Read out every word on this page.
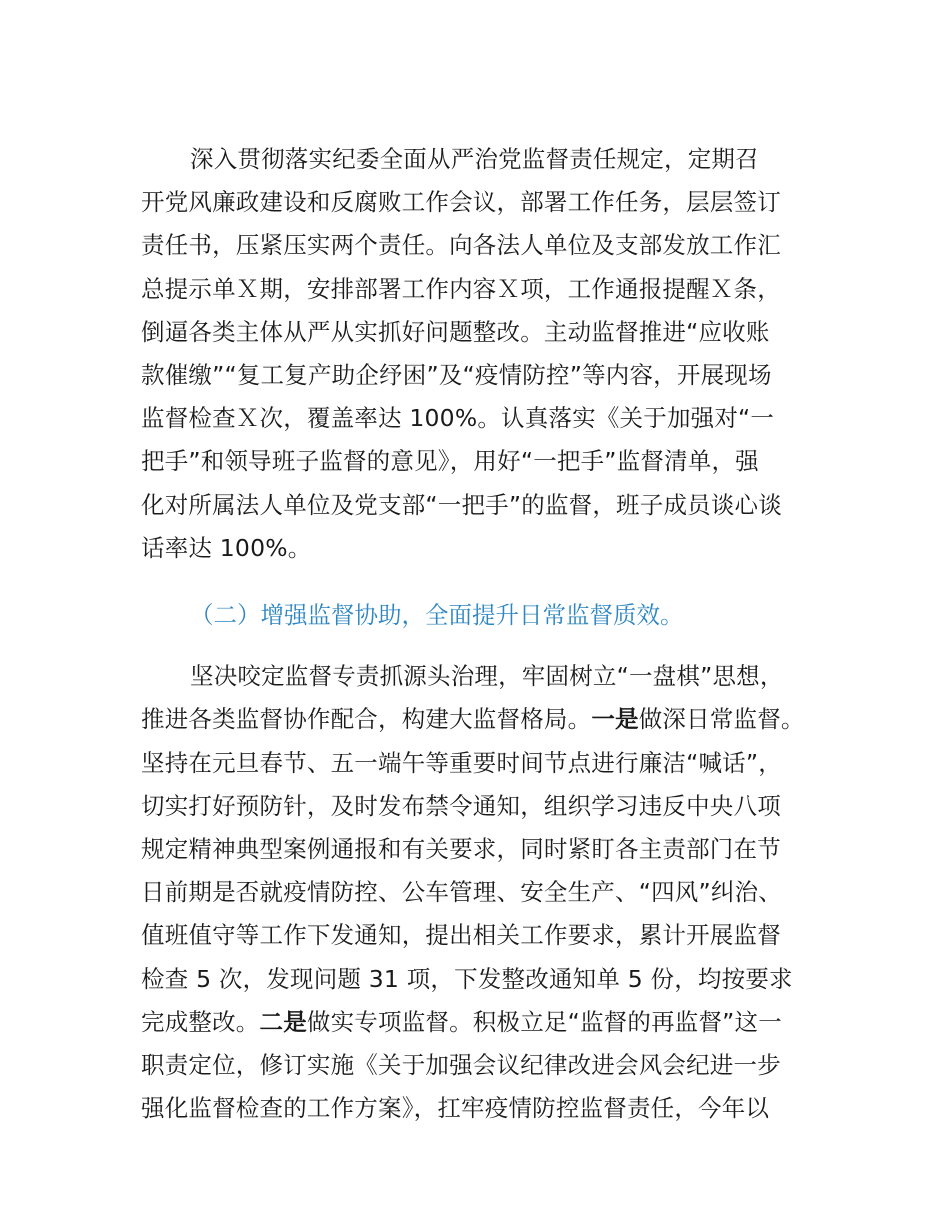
深入贯彻落实纪委全面从严治党监督责任规定，定期召
开党风廉政建设和反腐败工作会议，部署工作任务，层层签订
责任书，压紧压实两个责任。向各法人单位及支部发放工作汇
总提示单Ｘ期，安排部署工作内容Ｘ项，工作通报提醒Ｘ条，
倒逼各类主体从严从实抓好问题整改。主动监督推进“应收账
款催缴”“复工复产助企纾困”及“疫情防控”等内容，开展现场
监督检查Ｘ次，覆盖率达 100%。认真落实《关于加强对“一
把手”和领导班子监督的意见》，用好“一把手”监督清单，强
化对所属法人单位及党支部“一把手”的监督，班子成员谈心谈
话率达 100%。

（二）增强监督协助，全面提升日常监督质效。

坚决咬定监督专责抓源头治理，牢固树立“一盘棋”思想，
推进各类监督协作配合，构建大监督格局。一是做深日常监督。
坚持在元旦春节、五一端午等重要时间节点进行廉洁“喊话”，
切实打好预防针，及时发布禁令通知，组织学习违反中央八项
规定精神典型案例通报和有关要求，同时紧盯各主责部门在节
日前期是否就疫情防控、公车管理、安全生产、“四风”纠治、
值班值守等工作下发通知，提出相关工作要求，累计开展监督
检查 5 次，发现问题 31 项，下发整改通知单 5 份，均按要求
完成整改。二是做实专项监督。积极立足“监督的再监督”这一
职责定位，修订实施《关于加强会议纪律改进会风会纪进一步
强化监督检查的工作方案》，扛牢疫情防控监督责任，今年以
